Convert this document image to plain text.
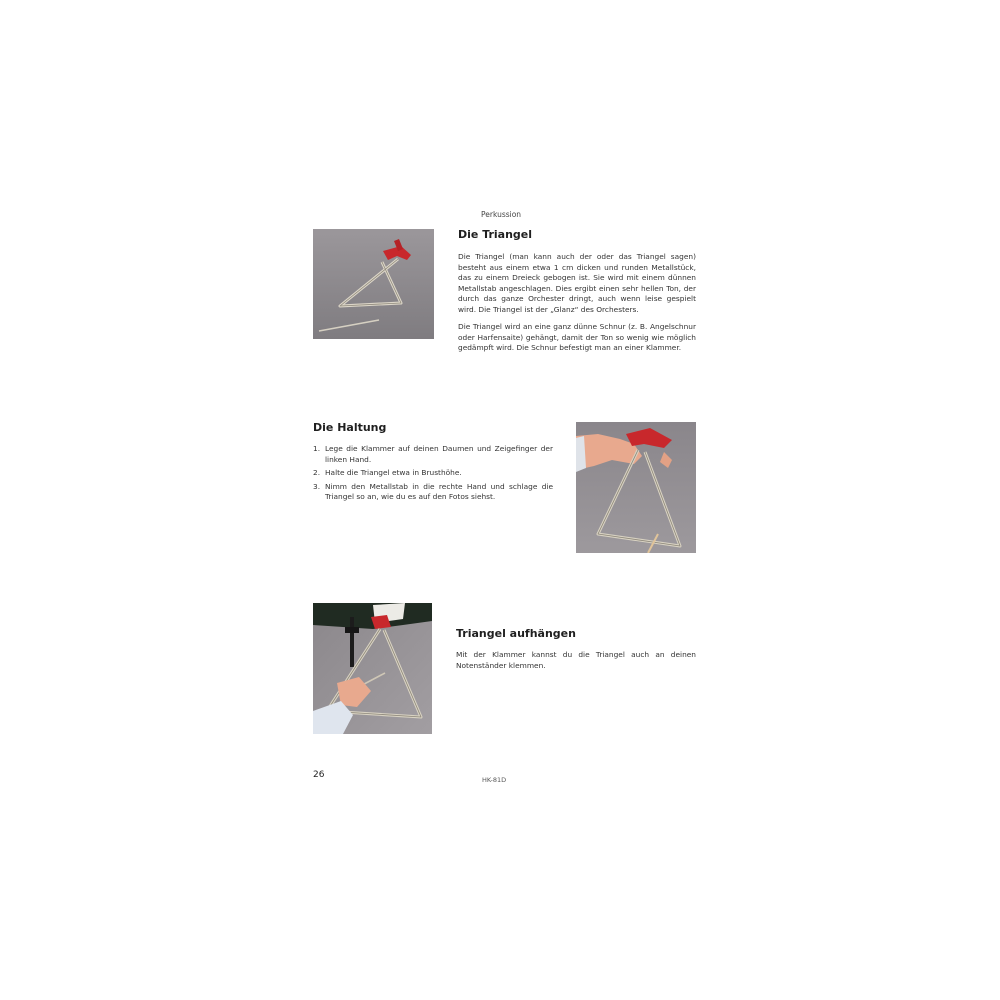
Perkussion
Die Triangel

Die Triangel (man kann auch der oder das Triangel sagen) besteht aus einem etwa 1 cm dicken und runden Metallstück, das zu einem Dreieck gebogen ist. Sie wird mit einem dünnen Metallstab angeschlagen. Dies ergibt einen sehr hellen Ton, der durch das ganze Orchester dringt, auch wenn leise gespielt wird. Die Triangel ist der „Glanz“ des Orchesters.

Die Triangel wird an eine ganz dünne Schnur (z. B. Angelschnur oder Harfensaite) gehängt, damit der Ton so wenig wie möglich gedämpft wird. Die Schnur befestigt man an einer Klammer.

Die Haltung
1. Lege die Klammer auf deinen Daumen und Zeigefinger der linken Hand.
2. Halte die Triangel etwa in Brusthöhe.
3. Nimm den Metallstab in die rechte Hand und schlage die Triangel so an, wie du es auf den Fotos siehst.
Triangel aufhängen

Mit der Klammer kannst du die Triangel auch an deinen Notenständer klemmen.

26	HK-81D
